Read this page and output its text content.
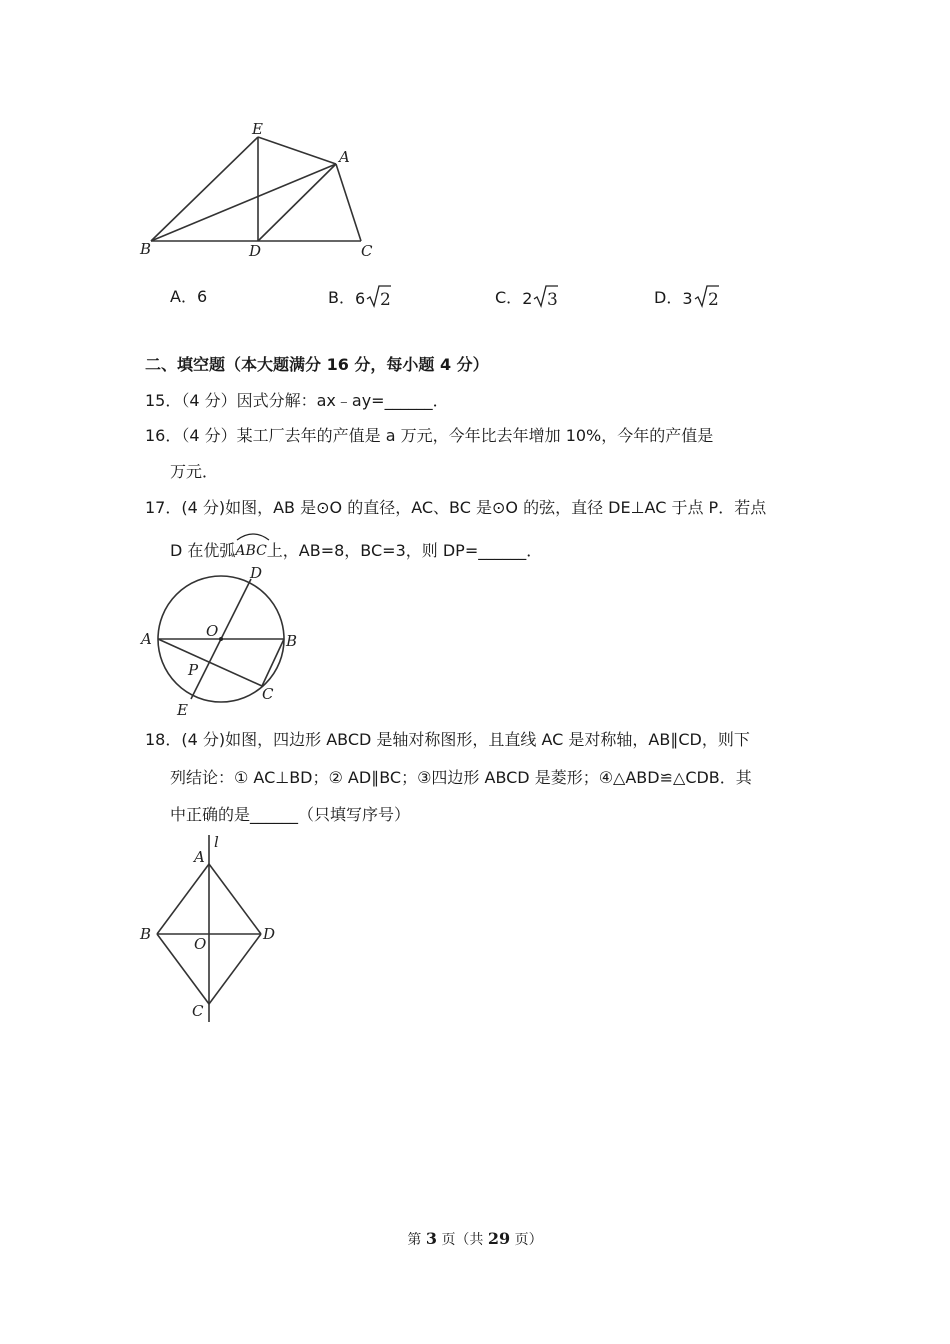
E
A
B	D	C
A．6	B． 6 2	C． 2 3	D． 3 2
二、填空题（本大题满分 16 分，每小题 4 分）
15．（4 分）因式分解：ax﹣ay=______．
16．（4 分）某工厂去年的产值是 a 万元，今年比去年增加 10%，今年的产值是
万元．
17．(4 分)如图，AB 是⊙O 的直径，AC、BC 是⊙O 的弦，直径 DE⊥AC 于点 P．若点
D 在优弧 ABC 上，AB=8，BC=3，则 DP=______．
D
A	O
B
P
C
E
18．(4 分)如图，四边形 ABCD 是轴对称图形，且直线 AC 是对称轴，AB∥CD，则下
列结论：① AC⊥BD；② AD∥BC；③四边形 ABCD 是菱形；④△ABD≌△CDB．其
中正确的是______（只填写序号）
l
A
B
O
D
C
第 3 页（共 29 页）
